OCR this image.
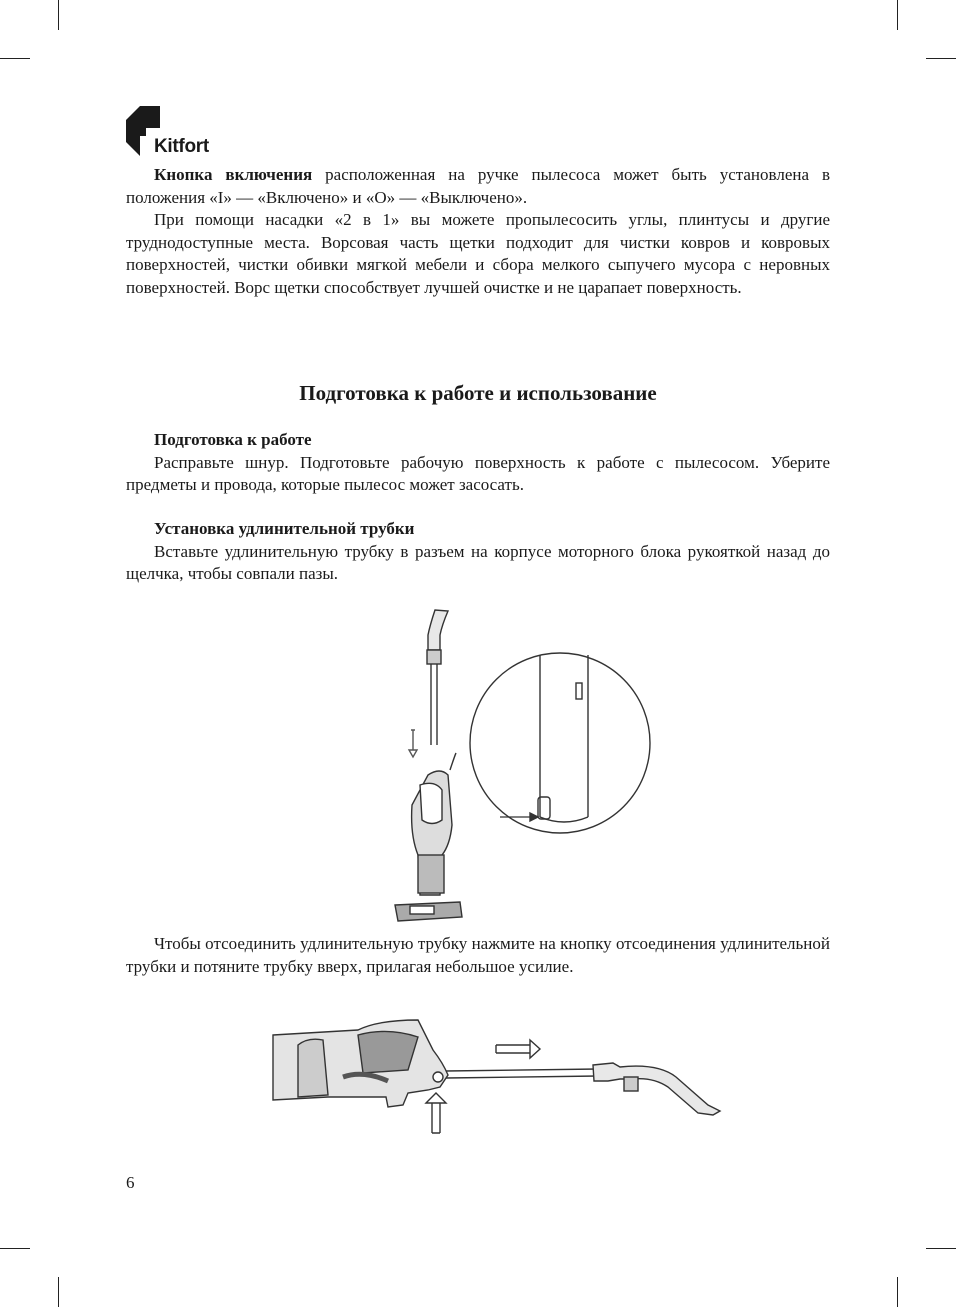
Kitfort

Кнопка включения расположенная на ручке пылесоса может быть установлена в положения «I» — «Включено» и «O» — «Выключено».

При помощи насадки «2 в 1» вы можете пропылесосить углы, плинтусы и другие труднодоступные места. Ворсовая часть щетки подходит для чистки ковров и ковровых поверхностей, чистки обивки мягкой мебели и сбора мелкого сыпучего мусора с неровных поверхностей. Ворс щетки способствует лучшей очистке и не царапает поверхность.

Подготовка к работе и использование

Подготовка к работе

Расправьте шнур. Подготовьте рабочую поверхность к работе с пылесосом. Уберите предметы и провода, которые пылесос может засосать.

Установка удлинительной трубки

Вставьте удлинительную трубку в разъем на корпусе моторного блока рукояткой назад до щелчка, чтобы совпали пазы.

Чтобы отсоединить удлинительную трубку нажмите на кнопку отсоединения удлинительной трубки и потяните трубку вверх, прилагая небольшое усилие.

6
